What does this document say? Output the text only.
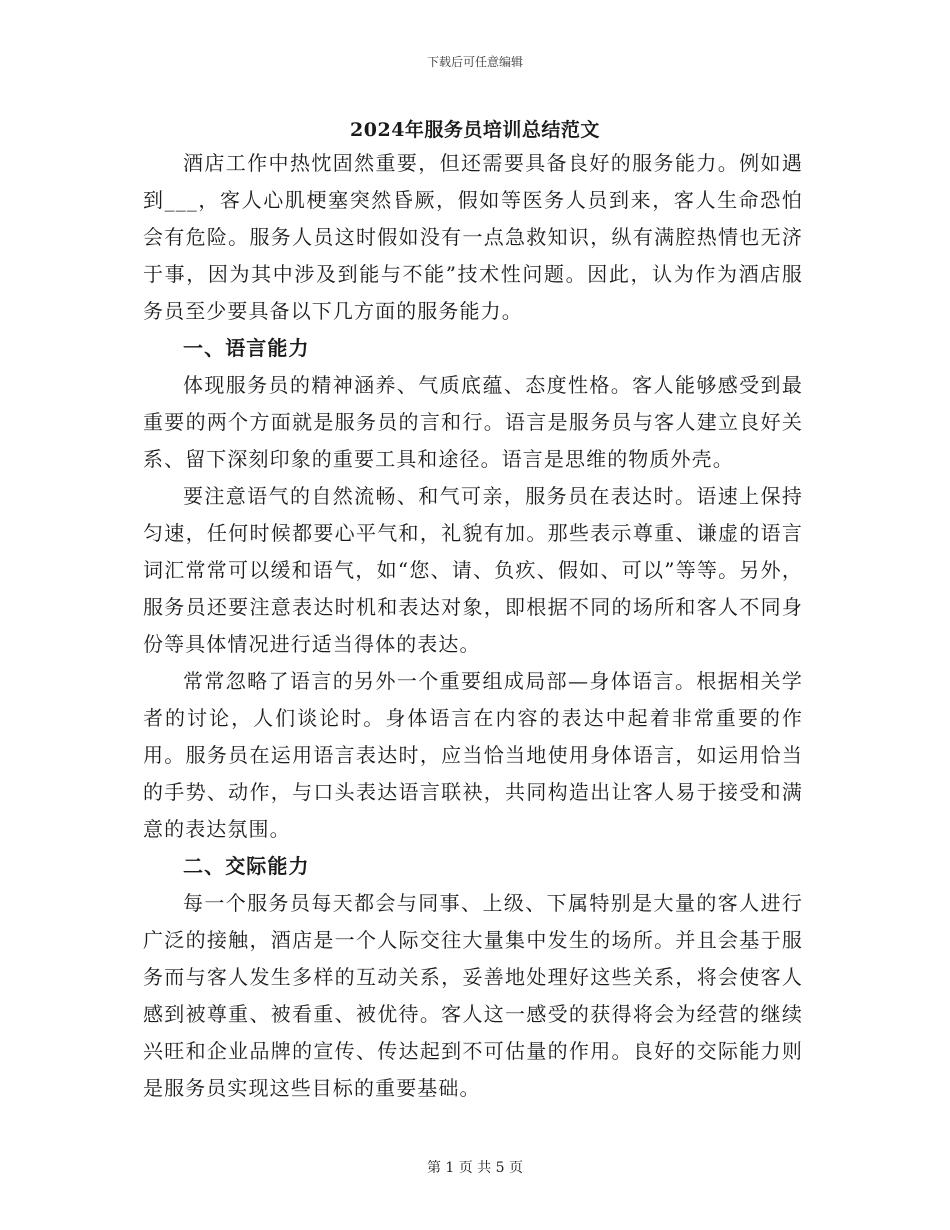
下载后可任意编辑
2024年服务员培训总结范文

酒店工作中热忱固然重要，但还需要具备良好的服务能力。例如遇到___，客人心肌梗塞突然昏厥，假如等医务人员到来，客人生命恐怕会有危险。服务人员这时假如没有一点急救知识，纵有满腔热情也无济于事，因为其中涉及到能与不能”技术性问题。因此，认为作为酒店服务员至少要具备以下几方面的服务能力。

一、语言能力

体现服务员的精神涵养、气质底蕴、态度性格。客人能够感受到最重要的两个方面就是服务员的言和行。语言是服务员与客人建立良好关系、留下深刻印象的重要工具和途径。语言是思维的物质外壳。

要注意语气的自然流畅、和气可亲，服务员在表达时。语速上保持匀速，任何时候都要心平气和，礼貌有加。那些表示尊重、谦虚的语言词汇常常可以缓和语气，如“您、请、负疚、假如、可以”等等。另外，服务员还要注意表达时机和表达对象，即根据不同的场所和客人不同身份等具体情况进行适当得体的表达。

常常忽略了语言的另外一个重要组成局部—身体语言。根据相关学者的讨论，人们谈论时。身体语言在内容的表达中起着非常重要的作用。服务员在运用语言表达时，应当恰当地使用身体语言，如运用恰当的手势、动作，与口头表达语言联袂，共同构造出让客人易于接受和满意的表达氛围。

二、交际能力

每一个服务员每天都会与同事、上级、下属特别是大量的客人进行广泛的接触，酒店是一个人际交往大量集中发生的场所。并且会基于服务而与客人发生多样的互动关系，妥善地处理好这些关系，将会使客人感到被尊重、被看重、被优待。客人这一感受的获得将会为经营的继续兴旺和企业品牌的宣传、传达起到不可估量的作用。良好的交际能力则是服务员实现这些目标的重要基础。

第 1 页 共 5 页
